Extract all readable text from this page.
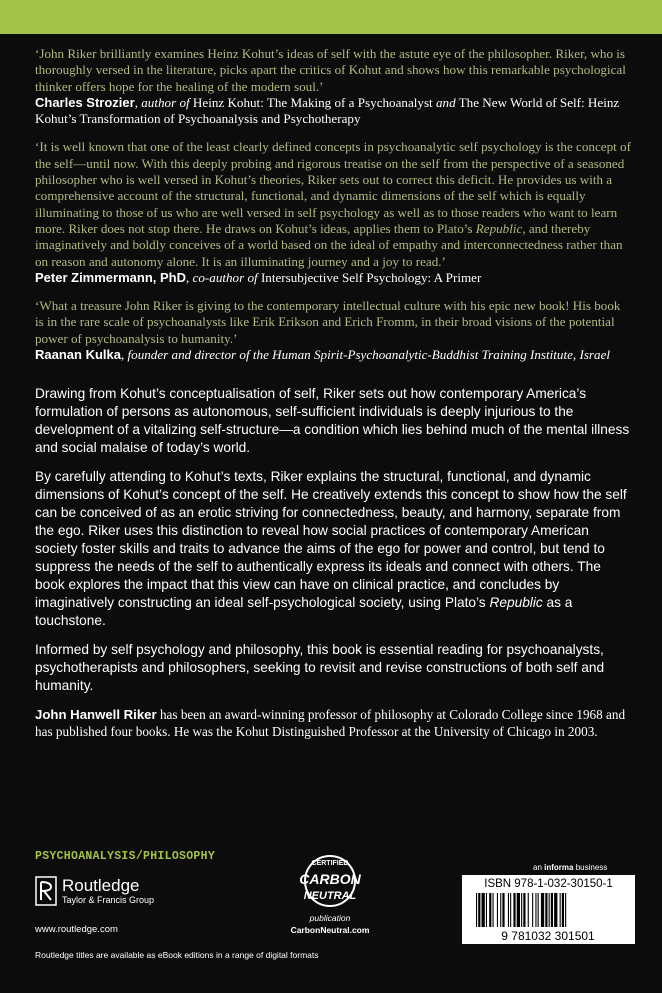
‘John Riker brilliantly examines Heinz Kohut’s ideas of self with the astute eye of the philosopher. Riker, who is thoroughly versed in the literature, picks apart the critics of Kohut and shows how this remarkable psychological thinker offers hope for the healing of the modern soul.’

Charles Strozier, author of Heinz Kohut: The Making of a Psychoanalyst and The New World of Self: Heinz Kohut’s Transformation of Psychoanalysis and Psychotherapy

‘It is well known that one of the least clearly defined concepts in psychoanalytic self psychology is the concept of the self—until now. With this deeply probing and rigorous treatise on the self from the perspective of a seasoned philosopher who is well versed in Kohut’s theories, Riker sets out to correct this deficit. He provides us with a comprehensive account of the structural, functional, and dynamic dimensions of the self which is equally illuminating to those of us who are well versed in self psychology as well as to those readers who want to learn more. Riker does not stop there. He draws on Kohut’s ideas, applies them to Plato’s Republic, and thereby imaginatively and boldly conceives of a world based on the ideal of empathy and interconnectedness rather than on reason and autonomy alone. It is an illuminating journey and a joy to read.’

Peter Zimmermann, PhD, co-author of Intersubjective Self Psychology: A Primer

‘What a treasure John Riker is giving to the contemporary intellectual culture with his epic new book! His book is in the rare scale of psychoanalysts like Erik Erikson and Erich Fromm, in their broad visions of the potential power of psychoanalysis to humanity.’

Raanan Kulka, founder and director of the Human Spirit-Psychoanalytic-Buddhist Training Institute, Israel

Drawing from Kohut’s conceptualisation of self, Riker sets out how contemporary America’s formulation of persons as autonomous, self-sufficient individuals is deeply injurious to the development of a vitalizing self-structure—a condition which lies behind much of the mental illness and social malaise of today’s world.

By carefully attending to Kohut’s texts, Riker explains the structural, functional, and dynamic dimensions of Kohut’s concept of the self. He creatively extends this concept to show how the self can be conceived of as an erotic striving for connectedness, beauty, and harmony, separate from the ego. Riker uses this distinction to reveal how social practices of contemporary American society foster skills and traits to advance the aims of the ego for power and control, but tend to suppress the needs of the self to authentically express its ideals and connect with others. The book explores the impact that this view can have on clinical practice, and concludes by imaginatively constructing an ideal self-psychological society, using Plato’s Republic as a touchstone.

Informed by self psychology and philosophy, this book is essential reading for psychoanalysts, psychotherapists and philosophers, seeking to revisit and revise constructions of both self and humanity.

John Hanwell Riker has been an award-winning professor of philosophy at Colorado College since 1968 and has published four books. He was the Kohut Distinguished Professor at the University of Chicago in 2003.

PSYCHOANALYSIS/PHILOSOPHY
Routledge
Taylor & Francis Group
www.routledge.com
CERTIFIED
CARBON
NEUTRAL
publication
CarbonNeutral.com
an informa business
ISBN 978-1-032-30150-1
9 781032 301501
Routledge titles are available as eBook editions in a range of digital formats
